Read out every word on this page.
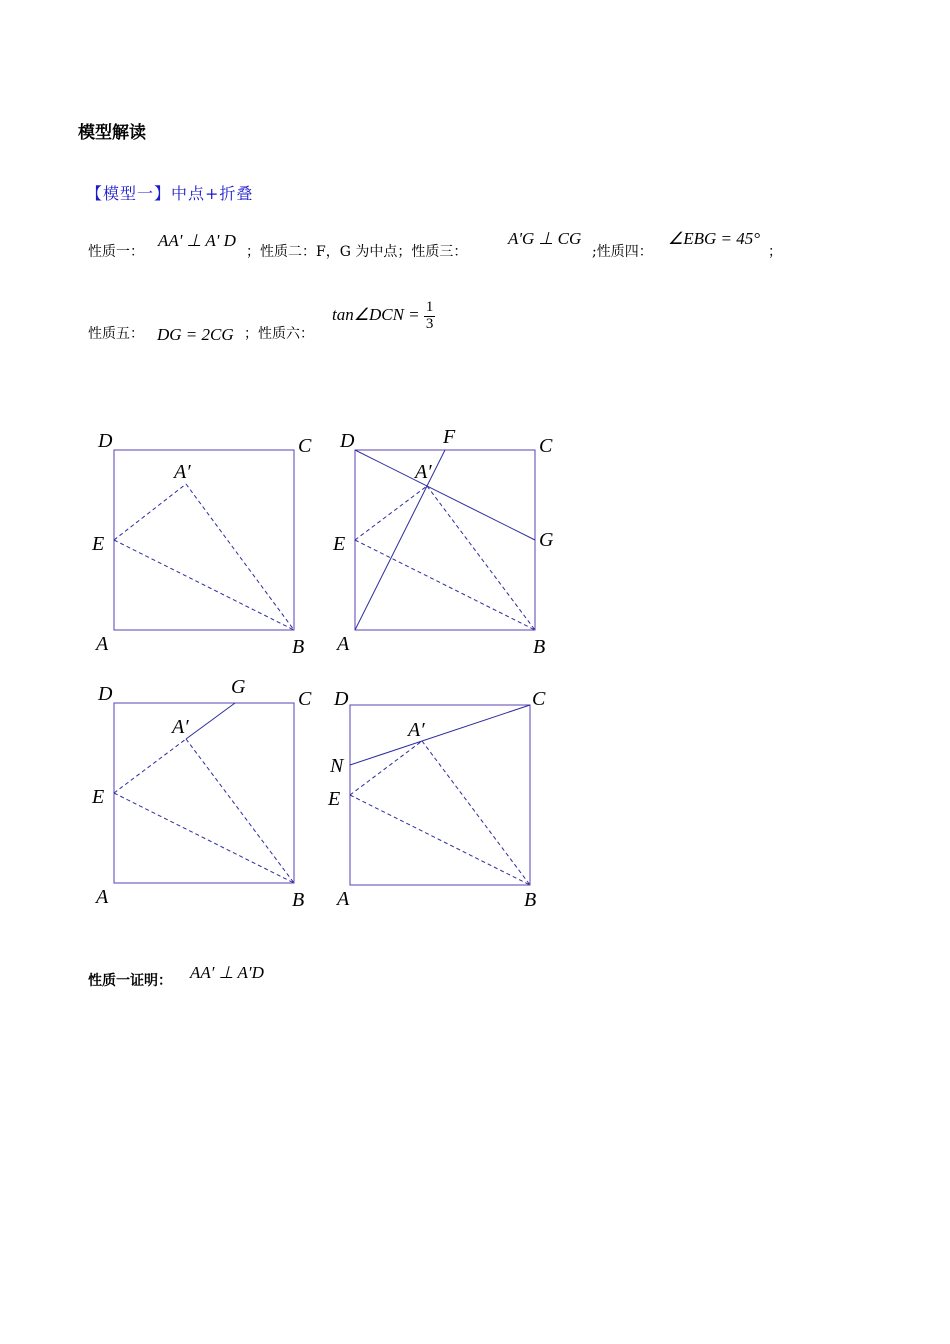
模型解读
【模型一】中点+折叠
性质一：
AA' ⊥ A' D
；性质二：F，G 为中点；性质三：
A'G ⊥ CG
;性质四：
∠EBG = 45°
；
性质五： DG = 2CG ；性质六：
tan∠DCN = $\frac{1}{3}$
D	C
A′
E
A	B
D	F	C
A′
G
E
A	B
D	G
C
A′
E
A	B
D	C
A′
N
E
A	B
性质一证明： AA′ ⊥ A′D
